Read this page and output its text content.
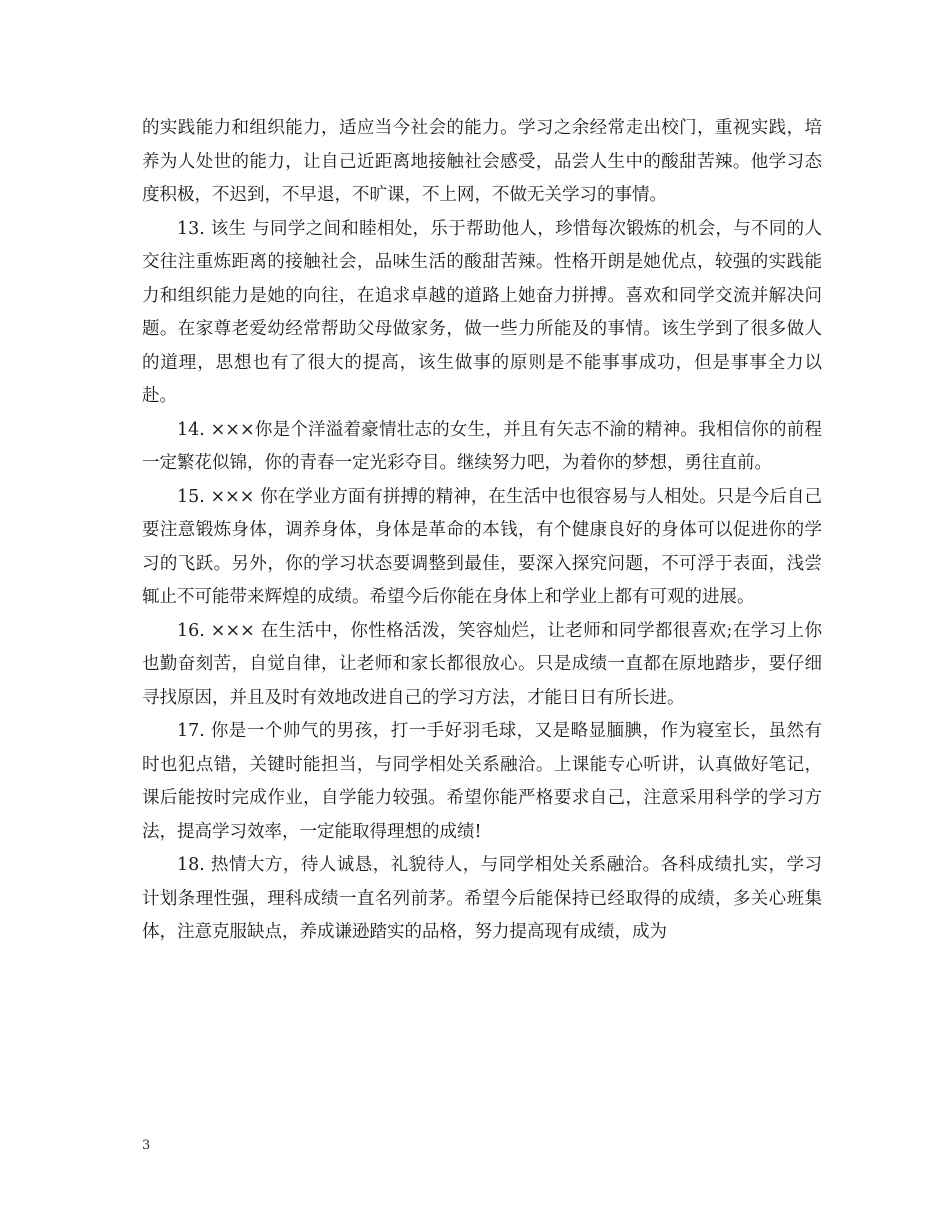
的实践能力和组织能力，适应当今社会的能力。学习之余经常走出校门，重视实践，培养为人处世的能力，让自己近距离地接触社会感受，品尝人生中的酸甜苦辣。他学习态度积极，不迟到，不早退，不旷课，不上网，不做无关学习的事情。

13. 该生 与同学之间和睦相处，乐于帮助他人，珍惜每次锻炼的机会，与不同的人交往注重炼距离的接触社会，品味生活的酸甜苦辣。性格开朗是她优点，较强的实践能力和组织能力是她的向往，在追求卓越的道路上她奋力拼搏。喜欢和同学交流并解决问题。在家尊老爱幼经常帮助父母做家务，做一些力所能及的事情。该生学到了很多做人的道理，思想也有了很大的提高，该生做事的原则是不能事事成功，但是事事全力以赴。

14. ×××你是个洋溢着豪情壮志的女生，并且有矢志不渝的精神。我相信你的前程一定繁花似锦，你的青春一定光彩夺目。继续努力吧，为着你的梦想，勇往直前。

15. ××× 你在学业方面有拼搏的精神，在生活中也很容易与人相处。只是今后自己要注意锻炼身体，调养身体，身体是革命的本钱，有个健康良好的身体可以促进你的学习的飞跃。另外，你的学习状态要调整到最佳，要深入探究问题，不可浮于表面，浅尝辄止不可能带来辉煌的成绩。希望今后你能在身体上和学业上都有可观的进展。

16. ××× 在生活中，你性格活泼，笑容灿烂，让老师和同学都很喜欢;在学习上你也勤奋刻苦，自觉自律，让老师和家长都很放心。只是成绩一直都在原地踏步，要仔细寻找原因，并且及时有效地改进自己的学习方法，才能日日有所长进。

17. 你是一个帅气的男孩，打一手好羽毛球，又是略显腼腆，作为寝室长，虽然有时也犯点错，关键时能担当，与同学相处关系融洽。上课能专心听讲，认真做好笔记，课后能按时完成作业，自学能力较强。希望你能严格要求自己，注意采用科学的学习方法，提高学习效率，一定能取得理想的成绩!

18. 热情大方，待人诚恳，礼貌待人，与同学相处关系融洽。各科成绩扎实，学习计划条理性强，理科成绩一直名列前茅。希望今后能保持已经取得的成绩，多关心班集体，注意克服缺点，养成谦逊踏实的品格，努力提高现有成绩，成为

3
